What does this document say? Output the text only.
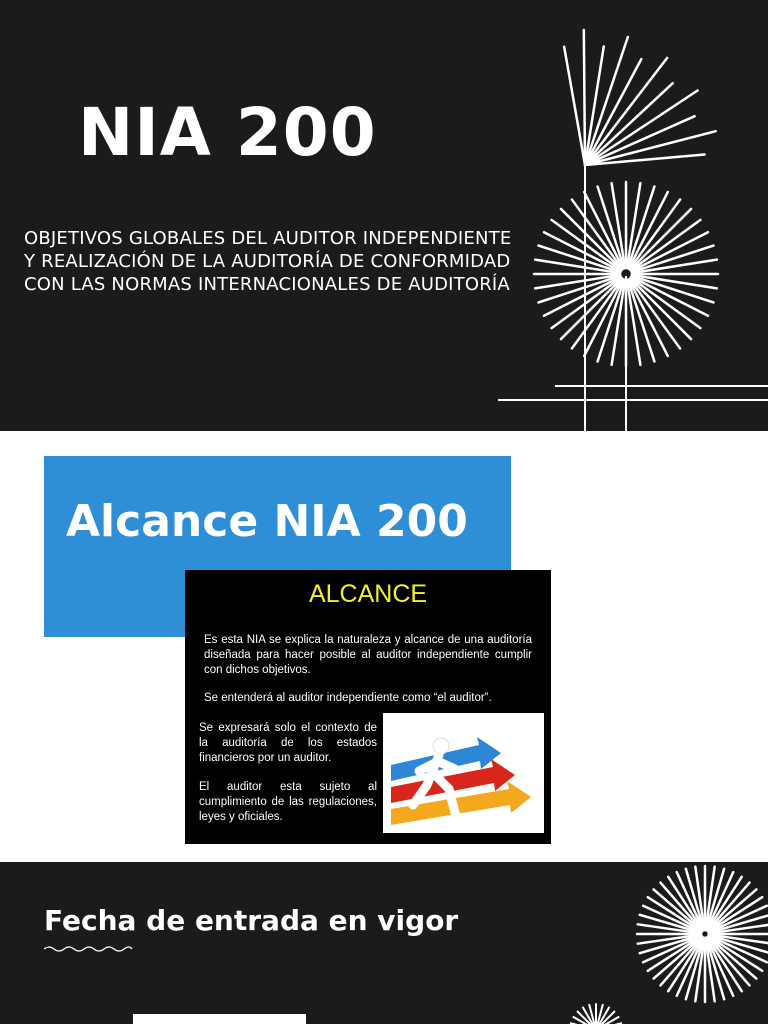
NIA 200

OBJETIVOS GLOBALES DEL AUDITOR INDEPENDIENTE Y REALIZACIÓN DE LA AUDITORÍA DE CONFORMIDAD CON LAS NORMAS INTERNACIONALES DE AUDITORÍA

Alcance NIA 200
ALCANCE

Es esta NIA se explica la naturaleza y alcance de una auditoría diseñada para hacer posible al auditor independiente cumplir con dichos objetivos.

Se entenderá al auditor independiente como “el auditor”.

Se expresará solo el contexto de la auditoría de los estados financieros por un auditor.

El auditor esta sujeto al cumplimiento de las regulaciones, leyes y oficiales.

Fecha de entrada en vigor
